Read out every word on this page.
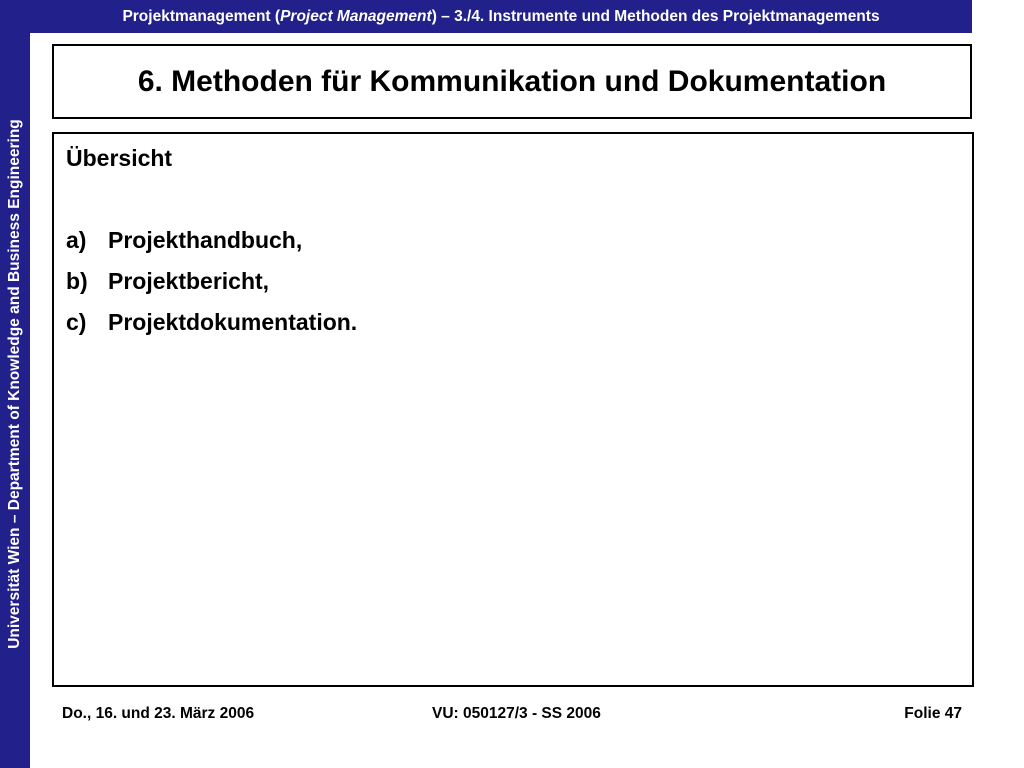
Universität Wien – Department of Knowledge and Business Engineering
Projektmanagement (Project Management) – 3./4. Instrumente und Methoden des Projektmanagements
6. Methoden für Kommunikation und Dokumentation
Übersicht
a) Projekthandbuch,
b) Projektbericht,
c) Projektdokumentation.
Do., 16. und 23. März 2006	VU: 050127/3 - SS 2006	Folie 47
